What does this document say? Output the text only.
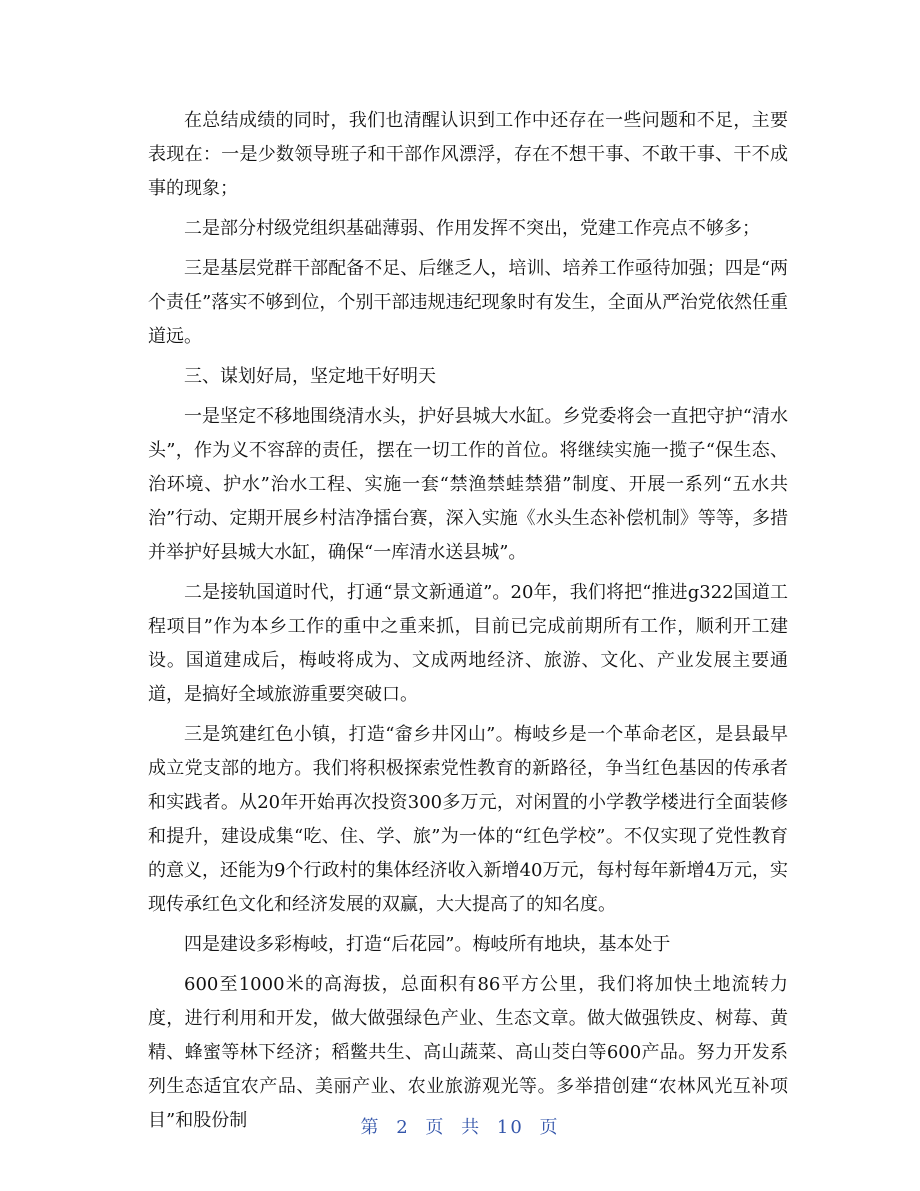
在总结成绩的同时，我们也清醒认识到工作中还存在一些问题和不足，主要表现在：一是少数领导班子和干部作风漂浮，存在不想干事、不敢干事、干不成事的现象；

二是部分村级党组织基础薄弱、作用发挥不突出，党建工作亮点不够多；

三是基层党群干部配备不足、后继乏人，培训、培养工作亟待加强；四是“两个责任”落实不够到位，个别干部违规违纪现象时有发生，全面从严治党依然任重道远。

三、谋划好局，坚定地干好明天

一是坚定不移地围绕清水头，护好县城大水缸。乡党委将会一直把守护“清水头”，作为义不容辞的责任，摆在一切工作的首位。将继续实施一揽子“保生态、治环境、护水”治水工程、实施一套“禁渔禁蛙禁猎”制度、开展一系列“五水共治”行动、定期开展乡村洁净擂台赛，深入实施《水头生态补偿机制》等等，多措并举护好县城大水缸，确保“一库清水送县城”。

二是接轨国道时代，打通“景文新通道”。20年，我们将把“推进g322国道工程项目”作为本乡工作的重中之重来抓，目前已完成前期所有工作，顺利开工建设。国道建成后，梅岐将成为、文成两地经济、旅游、文化、产业发展主要通道，是搞好全域旅游重要突破口。

三是筑建红色小镇，打造“畲乡井冈山”。梅岐乡是一个革命老区，是县最早成立党支部的地方。我们将积极探索党性教育的新路径，争当红色基因的传承者和实践者。从20年开始再次投资300多万元，对闲置的小学教学楼进行全面装修和提升，建设成集“吃、住、学、旅”为一体的“红色学校”。不仅实现了党性教育的意义，还能为9个行政村的集体经济收入新增40万元，每村每年新增4万元，实现传承红色文化和经济发展的双赢，大大提高了的知名度。

四是建设多彩梅岐，打造“后花园”。梅岐所有地块，基本处于

600至1000米的高海拔，总面积有86平方公里，我们将加快土地流转力度，进行利用和开发，做大做强绿色产业、生态文章。做大做强铁皮、树莓、黄精、蜂蜜等林下经济；稻鳖共生、高山蔬菜、高山茭白等600产品。努力开发系列生态适宜农产品、美丽产业、农业旅游观光等。多举措创建“农林风光互补项目”和股份制	第 2 页 共 10 页
